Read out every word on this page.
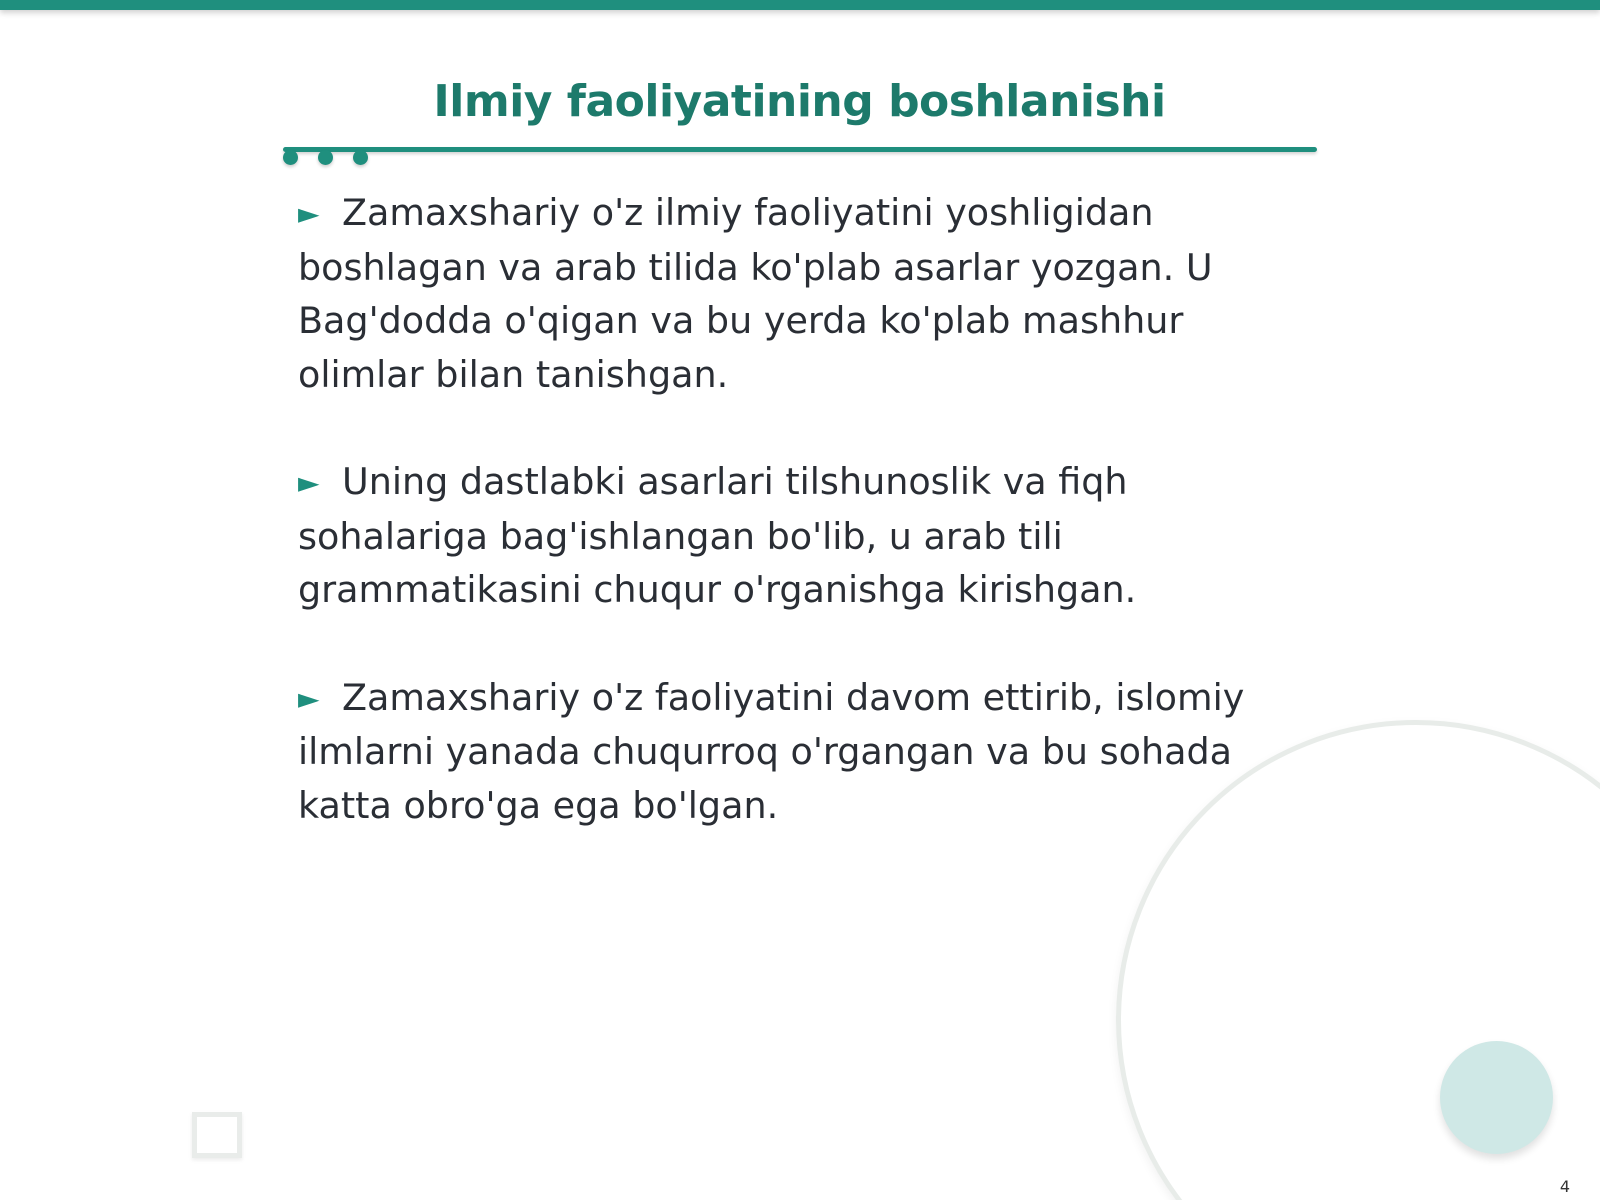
Ilmiy faoliyatining boshlanishi

► Zamaxshariy o'z ilmiy faoliyatini yoshligidan boshlagan va arab tilida ko'plab asarlar yozgan. U Bag'dodda o'qigan va bu yerda ko'plab mashhur olimlar bilan tanishgan.

► Uning dastlabki asarlari tilshunoslik va fiqh sohalariga bag'ishlangan bo'lib, u arab tili grammatikasini chuqur o'rganishga kirishgan.

► Zamaxshariy o'z faoliyatini davom ettirib, islomiy ilmlarni yanada chuqurroq o'rgangan va bu sohada katta obro'ga ega bo'lgan.

4
